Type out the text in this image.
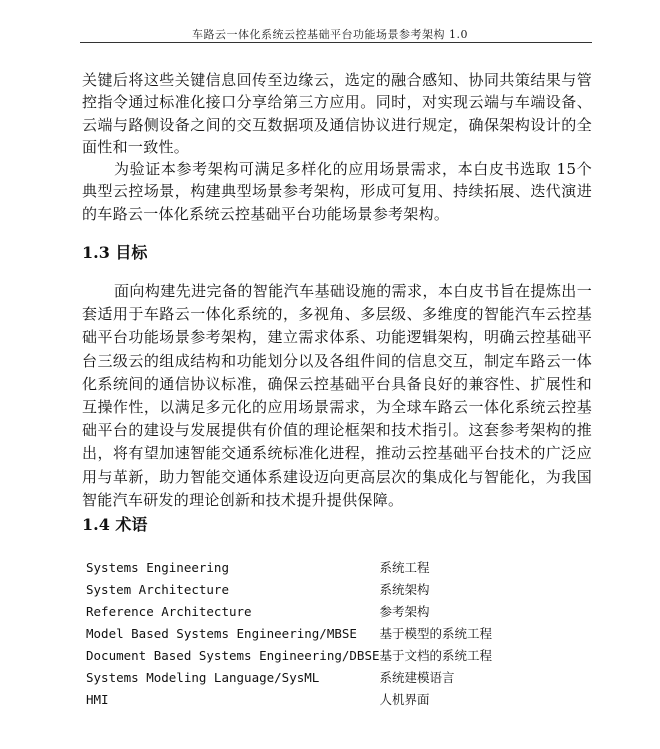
车路云一体化系统云控基础平台功能场景参考架构 1.0

关键后将这些关键信息回传至边缘云，选定的融合感知、协同共策结果与管控指令通过标准化接口分享给第三方应用。同时，对实现云端与车端设备、云端与路侧设备之间的交互数据项及通信协议进行规定，确保架构设计的全面性和一致性。

为验证本参考架构可满足多样化的应用场景需求，本白皮书选取 15个典型云控场景，构建典型场景参考架构，形成可复用、持续拓展、迭代演进的车路云一体化系统云控基础平台功能场景参考架构。

1.3 目标

面向构建先进完备的智能汽车基础设施的需求，本白皮书旨在提炼出一套适用于车路云一体化系统的，多视角、多层级、多维度的智能汽车云控基础平台功能场景参考架构，建立需求体系、功能逻辑架构，明确云控基础平台三级云的组成结构和功能划分以及各组件间的信息交互，制定车路云一体化系统间的通信协议标准，确保云控基础平台具备良好的兼容性、扩展性和互操作性，以满足多元化的应用场景需求，为全球车路云一体化系统云控基础平台的建设与发展提供有价值的理论框架和技术指引。这套参考架构的推出，将有望加速智能交通系统标准化进程，推动云控基础平台技术的广泛应用与革新，助力智能交通体系建设迈向更高层次的集成化与智能化，为我国智能汽车研发的理论创新和技术提升提供保障。

1.4 术语
Systems Engineering	系统工程
System Architecture	系统架构
Reference Architecture	参考架构
Model Based Systems Engineering/MBSE	基于模型的系统工程
Document Based Systems Engineering/DBSE	基于文档的系统工程
Systems Modeling Language/SysML	系统建模语言
HMI	人机界面
